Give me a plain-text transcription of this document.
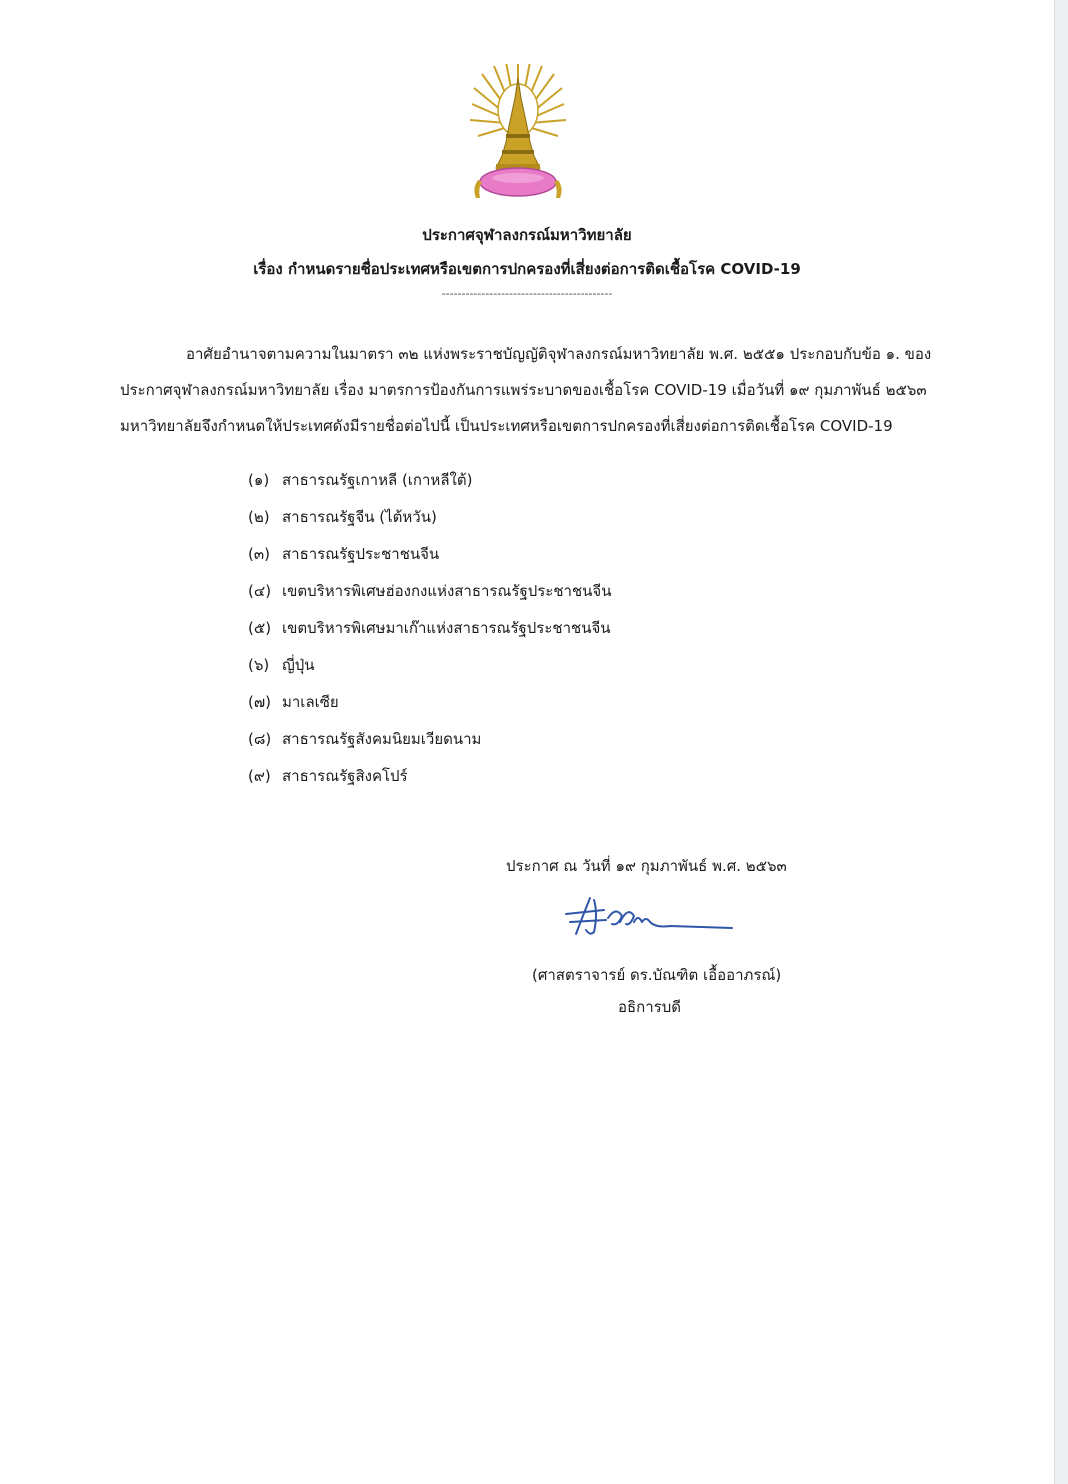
ประกาศจุฬาลงกรณ์มหาวิทยาลัย
เรื่อง กำหนดรายชื่อประเทศหรือเขตการปกครองที่เสี่ยงต่อการติดเชื้อโรค COVID-19
-------------------------------------------
อาศัยอำนาจตามความในมาตรา ๓๒ แห่งพระราชบัญญัติจุฬาลงกรณ์มหาวิทยาลัย พ.ศ. ๒๕๕๑ ประกอบกับข้อ ๑. ของ
ประกาศจุฬาลงกรณ์มหาวิทยาลัย เรื่อง มาตรการป้องกันการแพร่ระบาดของเชื้อโรค COVID-19 เมื่อวันที่ ๑๙ กุมภาพันธ์ ๒๕๖๓
มหาวิทยาลัยจึงกำหนดให้ประเทศดังมีรายชื่อต่อไปนี้ เป็นประเทศหรือเขตการปกครองที่เสี่ยงต่อการติดเชื้อโรค COVID-19
(๑) สาธารณรัฐเกาหลี (เกาหลีใต้)
(๒) สาธารณรัฐจีน (ไต้หวัน)
(๓) สาธารณรัฐประชาชนจีน
(๔) เขตบริหารพิเศษฮ่องกงแห่งสาธารณรัฐประชาชนจีน
(๕) เขตบริหารพิเศษมาเก๊าแห่งสาธารณรัฐประชาชนจีน
(๖) ญี่ปุ่น
(๗) มาเลเซีย
(๘) สาธารณรัฐสังคมนิยมเวียดนาม
(๙) สาธารณรัฐสิงคโปร์
ประกาศ ณ วันที่ ๑๙ กุมภาพันธ์ พ.ศ. ๒๕๖๓
(ศาสตราจารย์ ดร.บัณฑิต เอื้ออาภรณ์)
อธิการบดี
